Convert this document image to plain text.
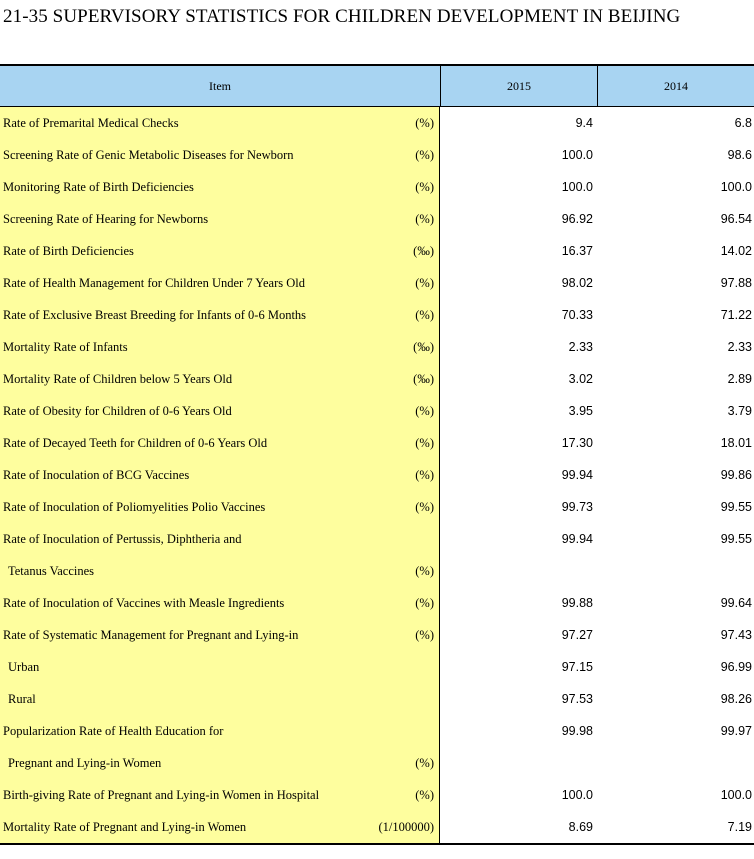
21-35 SUPERVISORY STATISTICS FOR CHILDREN DEVELOPMENT IN BEIJING
Item	2015	2014
Rate of Premarital Medical Checks	(%)	9.4	6.8
Screening Rate of Genic Metabolic Diseases for Newborn	(%)	100.0	98.6
Monitoring Rate of Birth Deficiencies	(%)	100.0	100.0
Screening Rate of Hearing for Newborns	(%)	96.92	96.54
Rate of Birth Deficiencies	(‰)	16.37	14.02
Rate of Health Management for Children Under 7 Years Old	(%)	98.02	97.88
Rate of Exclusive Breast Breeding for Infants of 0-6 Months	(%)	70.33	71.22
Mortality Rate of Infants	(‰)	2.33	2.33
Mortality Rate of Children below 5 Years Old	(‰)	3.02	2.89
Rate of Obesity for Children of 0-6 Years Old	(%)	3.95	3.79
Rate of Decayed Teeth for Children of 0-6 Years Old	(%)	17.30	18.01
Rate of Inoculation of BCG Vaccines	(%)	99.94	99.86
Rate of Inoculation of Poliomyelities Polio Vaccines	(%)	99.73	99.55
Rate of Inoculation of Pertussis, Diphtheria and	99.94	99.55
Tetanus Vaccines	(%)
Rate of Inoculation of Vaccines with Measle Ingredients	(%)	99.88	99.64
Rate of Systematic Management for Pregnant and Lying-in	(%)	97.27	97.43
Urban	97.15	96.99
Rural	97.53	98.26
Popularization Rate of Health Education for	99.98	99.97
Pregnant and Lying-in Women	(%)
Birth-giving Rate of Pregnant and Lying-in Women in Hospital	(%)	100.0	100.0
Mortality Rate of Pregnant and Lying-in Women	(1/100000)	8.69	7.19
